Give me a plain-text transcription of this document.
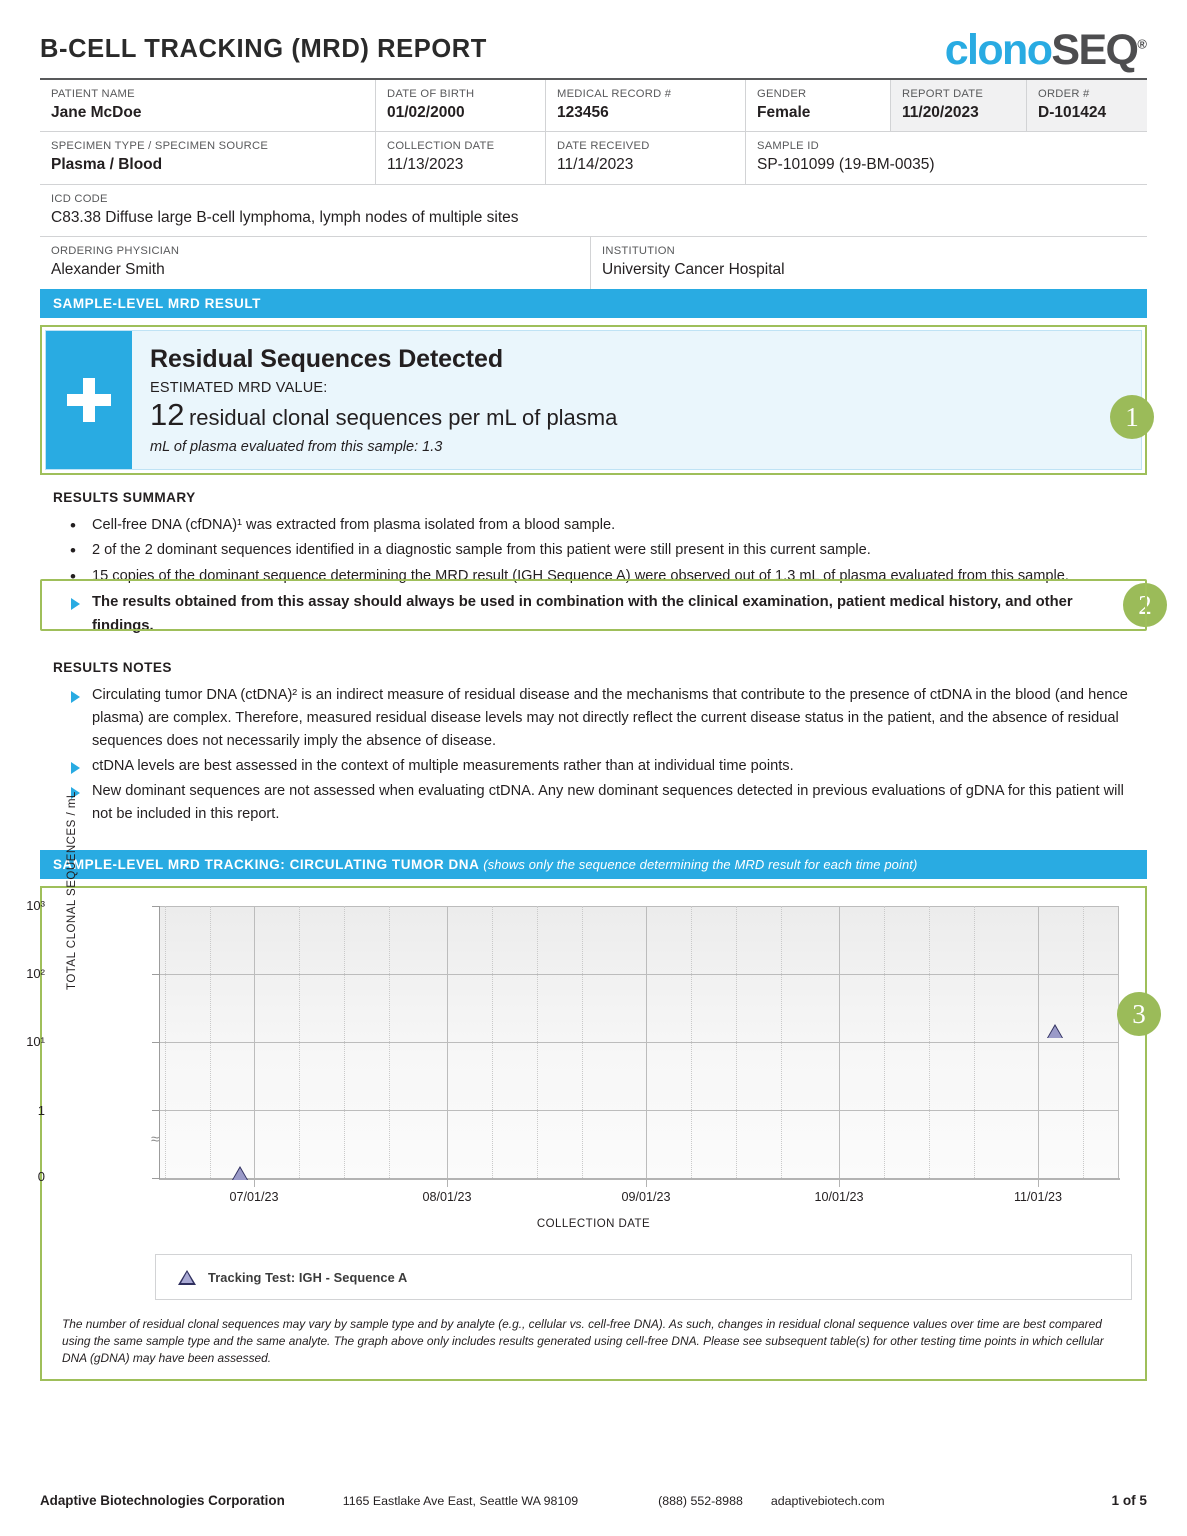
B-CELL TRACKING (MRD) REPORT	clonoSEQ®
PATIENT NAME
Jane McDoe
DATE OF BIRTH
01/02/2000
MEDICAL RECORD #
123456
GENDER
Female
REPORT DATE
11/20/2023
ORDER #
D-101424
SPECIMEN TYPE / SPECIMEN SOURCE
Plasma / Blood
COLLECTION DATE
11/13/2023
DATE RECEIVED
11/14/2023
SAMPLE ID
SP-101099 (19-BM-0035)
ICD CODE
C83.38 Diffuse large B-cell lymphoma, lymph nodes of multiple sites
ORDERING PHYSICIAN
Alexander Smith
INSTITUTION
University Cancer Hospital
SAMPLE-LEVEL MRD RESULT
Residual Sequences Detected
ESTIMATED MRD VALUE:
12 residual clonal sequences per mL of plasma
mL of plasma evaluated from this sample: 1.3
RESULTS SUMMARY
• Cell-free DNA (cfDNA)¹ was extracted from plasma isolated from a blood sample.
• 2 of the 2 dominant sequences identified in a diagnostic sample from this patient were still present in this current sample.
• 15 copies of the dominant sequence determining the MRD result (IGH Sequence A) were observed out of 1.3 mL of plasma evaluated from this sample.
The results obtained from this assay should always be used in combination with the clinical examination, patient medical history, and other findings.
RESULTS NOTES
Circulating tumor DNA (ctDNA)² is an indirect measure of residual disease and the mechanisms that contribute to the presence of ctDNA in the blood (and hence plasma) are complex. Therefore, measured residual disease levels may not directly reflect the current disease status in the patient, and the absence of residual sequences does not necessarily imply the absence of disease.
ctDNA levels are best assessed in the context of multiple measurements rather than at individual time points.
New dominant sequences are not assessed when evaluating ctDNA. Any new dominant sequences detected in previous evaluations of gDNA for this patient will not be included in this report.
SAMPLE-LEVEL MRD TRACKING: CIRCULATING TUMOR DNA (shows only the sequence determining the MRD result for each time point)
TOTAL CLONAL SEQUENCES / mL
10³
10²
10¹
1
0
≈
07/01/23	08/01/23	09/01/23	10/01/23	11/01/23
COLLECTION DATE
Tracking Test: IGH - Sequence A
The number of residual clonal sequences may vary by sample type and by analyte (e.g., cellular vs. cell-free DNA). As such, changes in residual clonal sequence values over time are best compared using the same sample type and the same analyte. The graph above only includes results generated using cell-free DNA. Please see subsequent table(s) for other testing time points in which cellular DNA (gDNA) may have been assessed.
1
2
3
Adaptive Biotechnologies Corporation	1165 Eastlake Ave East, Seattle WA 98109	(888) 552-8988 adaptivebiotech.com	1 of 5
